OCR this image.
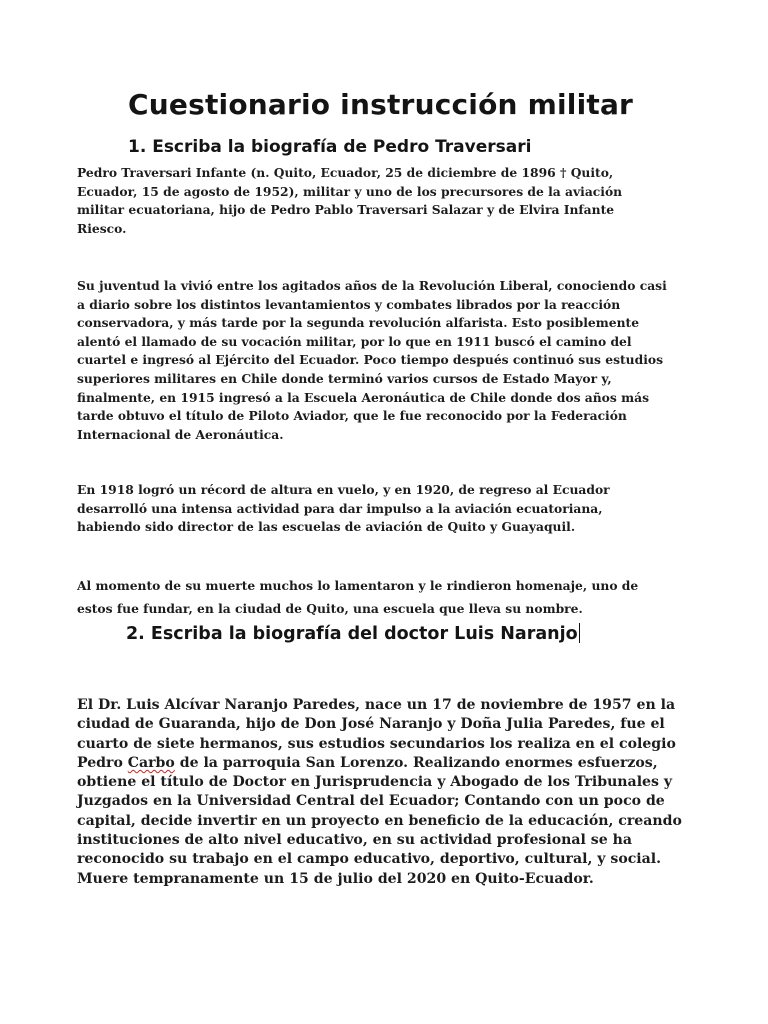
Cuestionario instrucción militar
1. Escriba la biografía de Pedro Traversari

Pedro Traversari Infante (n. Quito, Ecuador, 25 de diciembre de 1896 † Quito,
Ecuador, 15 de agosto de 1952), militar y uno de los precursores de la aviación
militar ecuatoriana, hijo de Pedro Pablo Traversari Salazar y de Elvira Infante
Riesco.

Su juventud la vivió entre los agitados años de la Revolución Liberal, conociendo casi
a diario sobre los distintos levantamientos y combates librados por la reacción
conservadora, y más tarde por la segunda revolución alfarista. Esto posiblemente
alentó el llamado de su vocación militar, por lo que en 1911 buscó el camino del
cuartel e ingresó al Ejército del Ecuador. Poco tiempo después continuó sus estudios
superiores militares en Chile donde terminó varios cursos de Estado Mayor y,
finalmente, en 1915 ingresó a la Escuela Aeronáutica de Chile donde dos años más
tarde obtuvo el título de Piloto Aviador, que le fue reconocido por la Federación
Internacional de Aeronáutica.

En 1918 logró un récord de altura en vuelo, y en 1920, de regreso al Ecuador
desarrolló una intensa actividad para dar impulso a la aviación ecuatoriana,
habiendo sido director de las escuelas de aviación de Quito y Guayaquil.

Al momento de su muerte muchos lo lamentaron y le rindieron homenaje, uno de
estos fue fundar, en la ciudad de Quito, una escuela que lleva su nombre.

2. Escriba la biografía del doctor Luis Naranjo

El Dr. Luis Alcívar Naranjo Paredes, nace un 17 de noviembre de 1957 en la
ciudad de Guaranda, hijo de Don José Naranjo y Doña Julia Paredes, fue el
cuarto de siete hermanos, sus estudios secundarios los realiza en el colegio
Pedro Carbo de la parroquia San Lorenzo. Realizando enormes esfuerzos,
obtiene el título de Doctor en Jurisprudencia y Abogado de los Tribunales y
Juzgados en la Universidad Central del Ecuador; Contando con un poco de
capital, decide invertir en un proyecto en beneficio de la educación, creando
instituciones de alto nivel educativo, en su actividad profesional se ha
reconocido su trabajo en el campo educativo, deportivo, cultural, y social.
Muere tempranamente un 15 de julio del 2020 en Quito-Ecuador.
